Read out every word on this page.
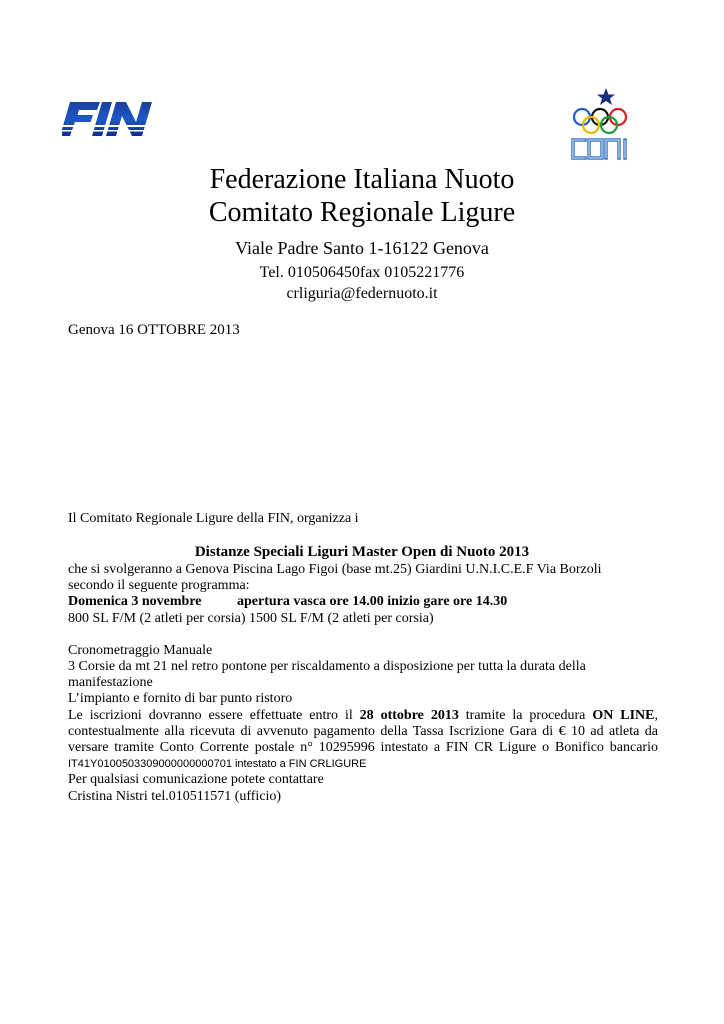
Federazione Italiana Nuoto
Comitato Regionale Ligure
Viale Padre Santo 1-16122 Genova
Tel. 010506450fax 0105221776
crliguria@federnuoto.it
Genova 16 OTTOBRE 2013
Il Comitato Regionale Ligure della FIN, organizza i
Distanze Speciali Liguri Master Open di Nuoto 2013

che si svolgeranno a Genova Piscina Lago Figoi (base mt.25) Giardini U.N.I.C.E.F Via Borzoli

secondo il seguente programma:

Domenica 3 novembre	apertura vasca ore 14.00 inizio gare ore 14.30

800 SL F/M (2 atleti per corsia) 1500 SL F/M (2 atleti per corsia)

Cronometraggio Manuale

3 Corsie da mt 21 nel retro pontone per riscaldamento a disposizione per tutta la durata della manifestazione

L’impianto e fornito di bar punto ristoro

Le iscrizioni dovranno essere effettuate entro il 28 ottobre 2013 tramite la procedura ON LINE, contestualmente alla ricevuta di avvenuto pagamento della Tassa Iscrizione Gara di € 10 ad atleta da versare tramite Conto Corrente postale n° 10295996 intestato a FIN CR Ligure o Bonifico bancario IT41Y0100503309000000000701 intestato a FIN CRLIGURE

Per qualsiasi comunicazione potete contattare

Cristina Nistri tel.010511571 (ufficio)
